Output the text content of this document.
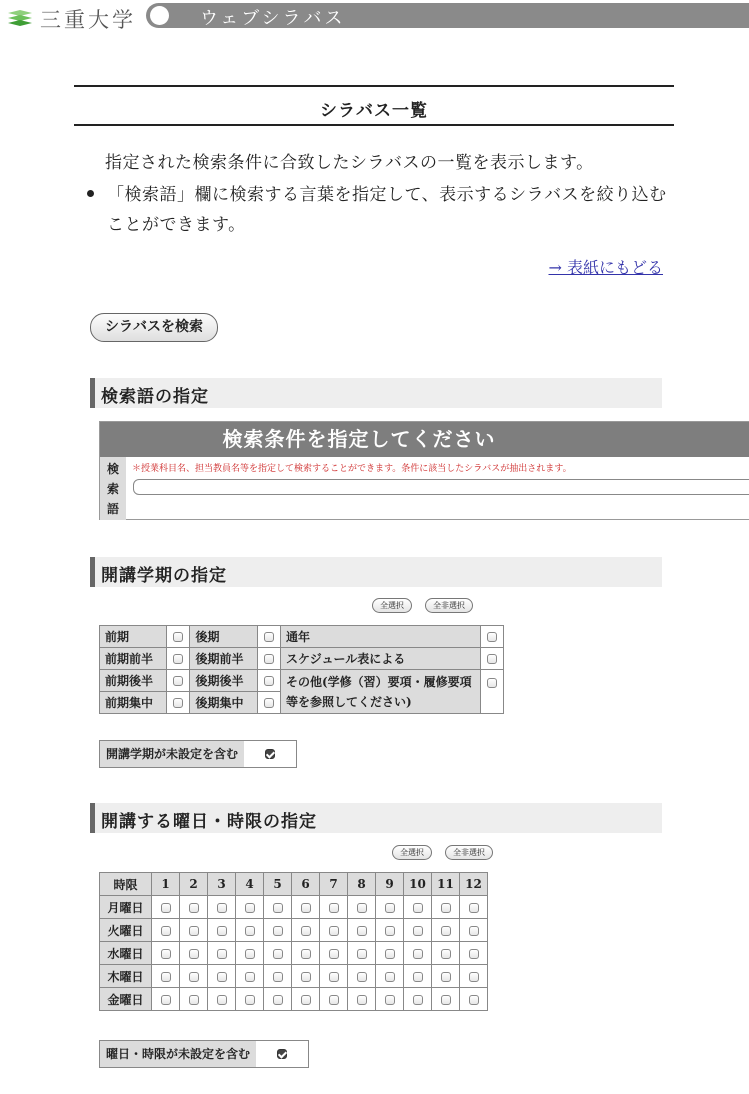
三重大学	ウェブシラバス
シラバス一覧
指定された検索条件に合致したシラバスの一覧を表示します。
「検索語」欄に検索する言葉を指定して、表示するシラバスを絞り込むことができます。
→ 表紙にもどる
シラバスを検索
検索語の指定
検索条件を指定してください
検
索
語
＊授業科目名、担当教員名等を指定して検索することができます。条件に該当したシラバスが抽出されます。
開講学期の指定
全選択	全非選択
前期		後期		通年	
前期前半		後期前半		スケジュール表による	
前期後半		後期後半		その他(学修（習）要項・履修要項等を参照してください)	
前期集中		後期集中			
開講学期が未設定を含む
開講する曜日・時限の指定
全選択	全非選択
時限	1	2	3	4	5	6	7	8	9	10	11	12
月曜日												
火曜日												
水曜日												
木曜日												
金曜日												
曜日・時限が未設定を含む
